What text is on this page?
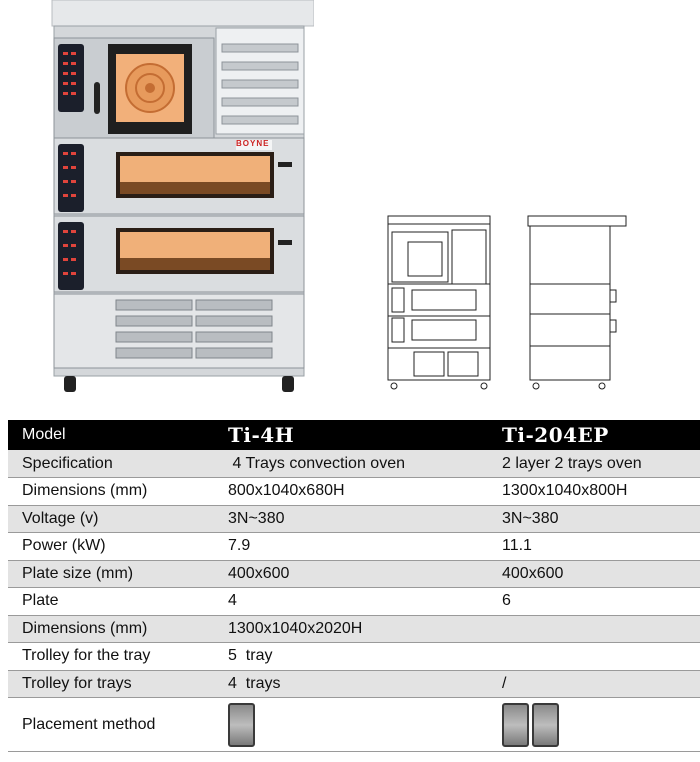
BOYNE
Model	Ti-4H	Ti-204EP
Specification	4 Trays convection oven	2 layer 2 trays oven
Dimensions (mm)	800x1040x680H	1300x1040x800H
Voltage (v)	3N~380	3N~380
Power (kW)	7.9	11.1
Plate size (mm)	400x600	400x600
Plate	4	6
Dimensions (mm)	1300x1040x2020H	
Trolley for the tray	5  tray	
Trolley for trays	4  trays	/
Placement method		
